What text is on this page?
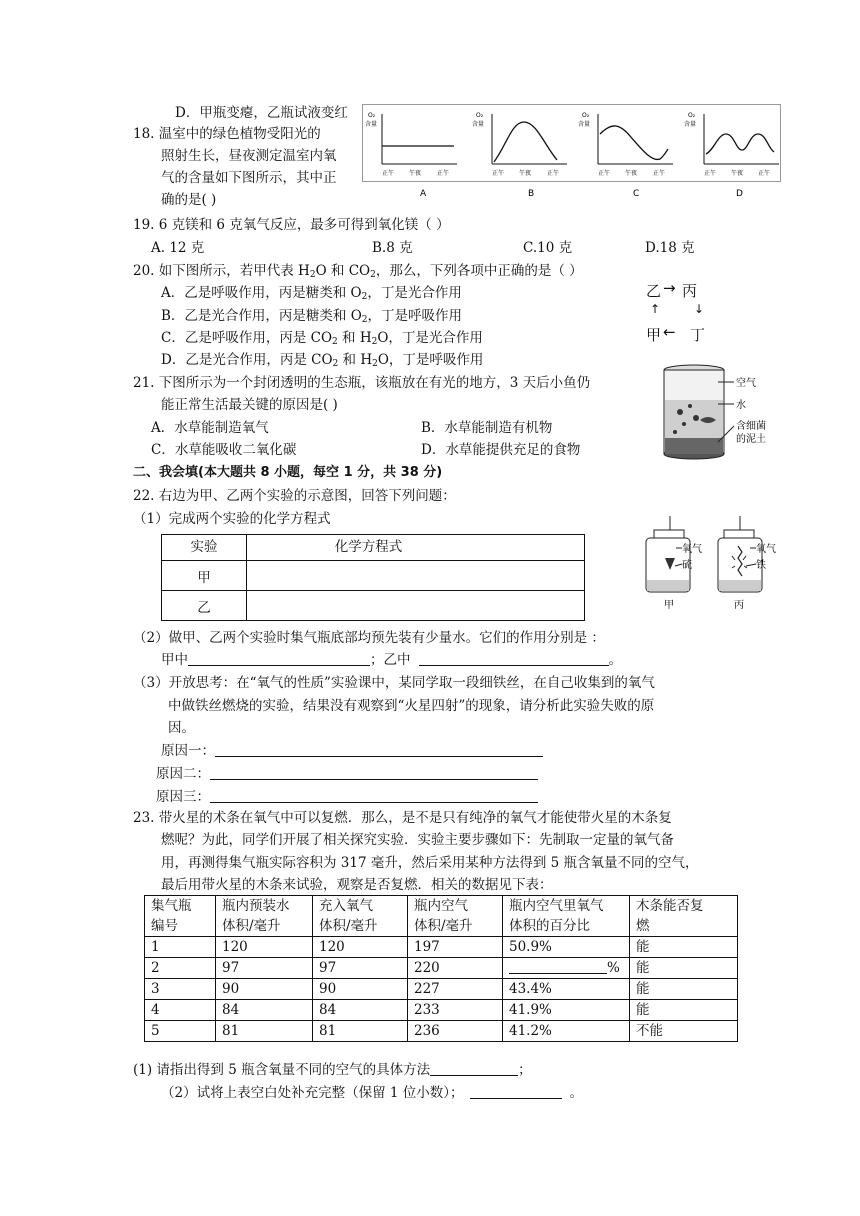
D．甲瓶变瘪，乙瓶试液变红
18. 温室中的绿色植物受阳光的
照射生长，昼夜测定温室内氧
气的含量如下图所示，其中正
确的是( )
O₂
含量
正午 午夜	正午
O₂
含量
正午 午夜	正午
O₂
含量
正午 午夜	正午
O₂
含量
正午 午夜 正午
A	B	C	D
19. 6 克镁和 6 克氧气反应，最多可得到氧化镁（ ）
A. 12 克	B.8 克	C.10 克	D.18 克
20. 如下图所示，若甲代表 $H_2O$ 和 $CO_2$，那么，下列各项中正确的是（ ）
A．乙是呼吸作用，丙是糖类和 $O_2$，丁是光合作用
B．乙是光合作用，丙是糖类和 $O_2$，丁是呼吸作用
C．乙是呼吸作用，丙是 $CO_2$ 和 $H_2O$，丁是光合作用
D．乙是光合作用，丙是 $CO_2$ 和 $H_2O$，丁是呼吸作用
乙 → 丙
↑	↓
甲 ← 丁
21. 下图所示为一个封闭透明的生态瓶，该瓶放在有光的地方，3 天后小鱼仍
能正常生活最关键的原因是( )
A．水草能制造氧气	B．水草能制造有机物
C．水草能吸收二氧化碳	D．水草能提供充足的食物
空气
水
含细菌
的泥土
二、我会填(本大题共 8 小题，每空 1 分，共 38 分)
22. 右边为甲、乙两个实验的示意图，回答下列问题：
（1）完成两个实验的化学方程式
实验	化学方程式
甲	
乙	
氧气
硫
甲
氧气
铁
丙
（2）做甲、乙两个实验时集气瓶底部均预先装有少量水。它们的作用分别是 ：
甲中	；乙中	。
（3）开放思考：在“氧气的性质”实验课中，某同学取一段细铁丝，在自己收集到的氧气
中做铁丝燃烧的实验，结果没有观察到“火星四射”的现象，请分析此实验失败的原
因。
原因一：
原因二：
原因三：
23. 带火星的术条在氧气中可以复燃．那么，是不是只有纯净的氧气才能使带火星的木条复
燃呢？为此，同学们开展了相关探究实验．实验主要步骤如下：先制取一定量的氧气备
用，再测得集气瓶实际容积为 317 毫升，然后采用某种方法得到 5 瓶含氧量不同的空气，
最后用带火星的木条来试验，观察是否复燃．相关的数据见下表：
集气瓶
编号	瓶内预装水
体积/毫升	充入氧气
体积/毫升	瓶内空气
体积/毫升	瓶内空气里氧气
体积的百分比	木条能否复
燃
1	120	120	197	50.9%	能
2	97	97	220	%	能
3	90	90	227	43.4%	能
4	84	84	233	41.9%	能
5	81	81	236	41.2%	不能
(1) 请指出得到 5 瓶含氧量不同的空气的具体方法	；
（2）试将上表空白处补充完整（保留 1 位小数）；	。
